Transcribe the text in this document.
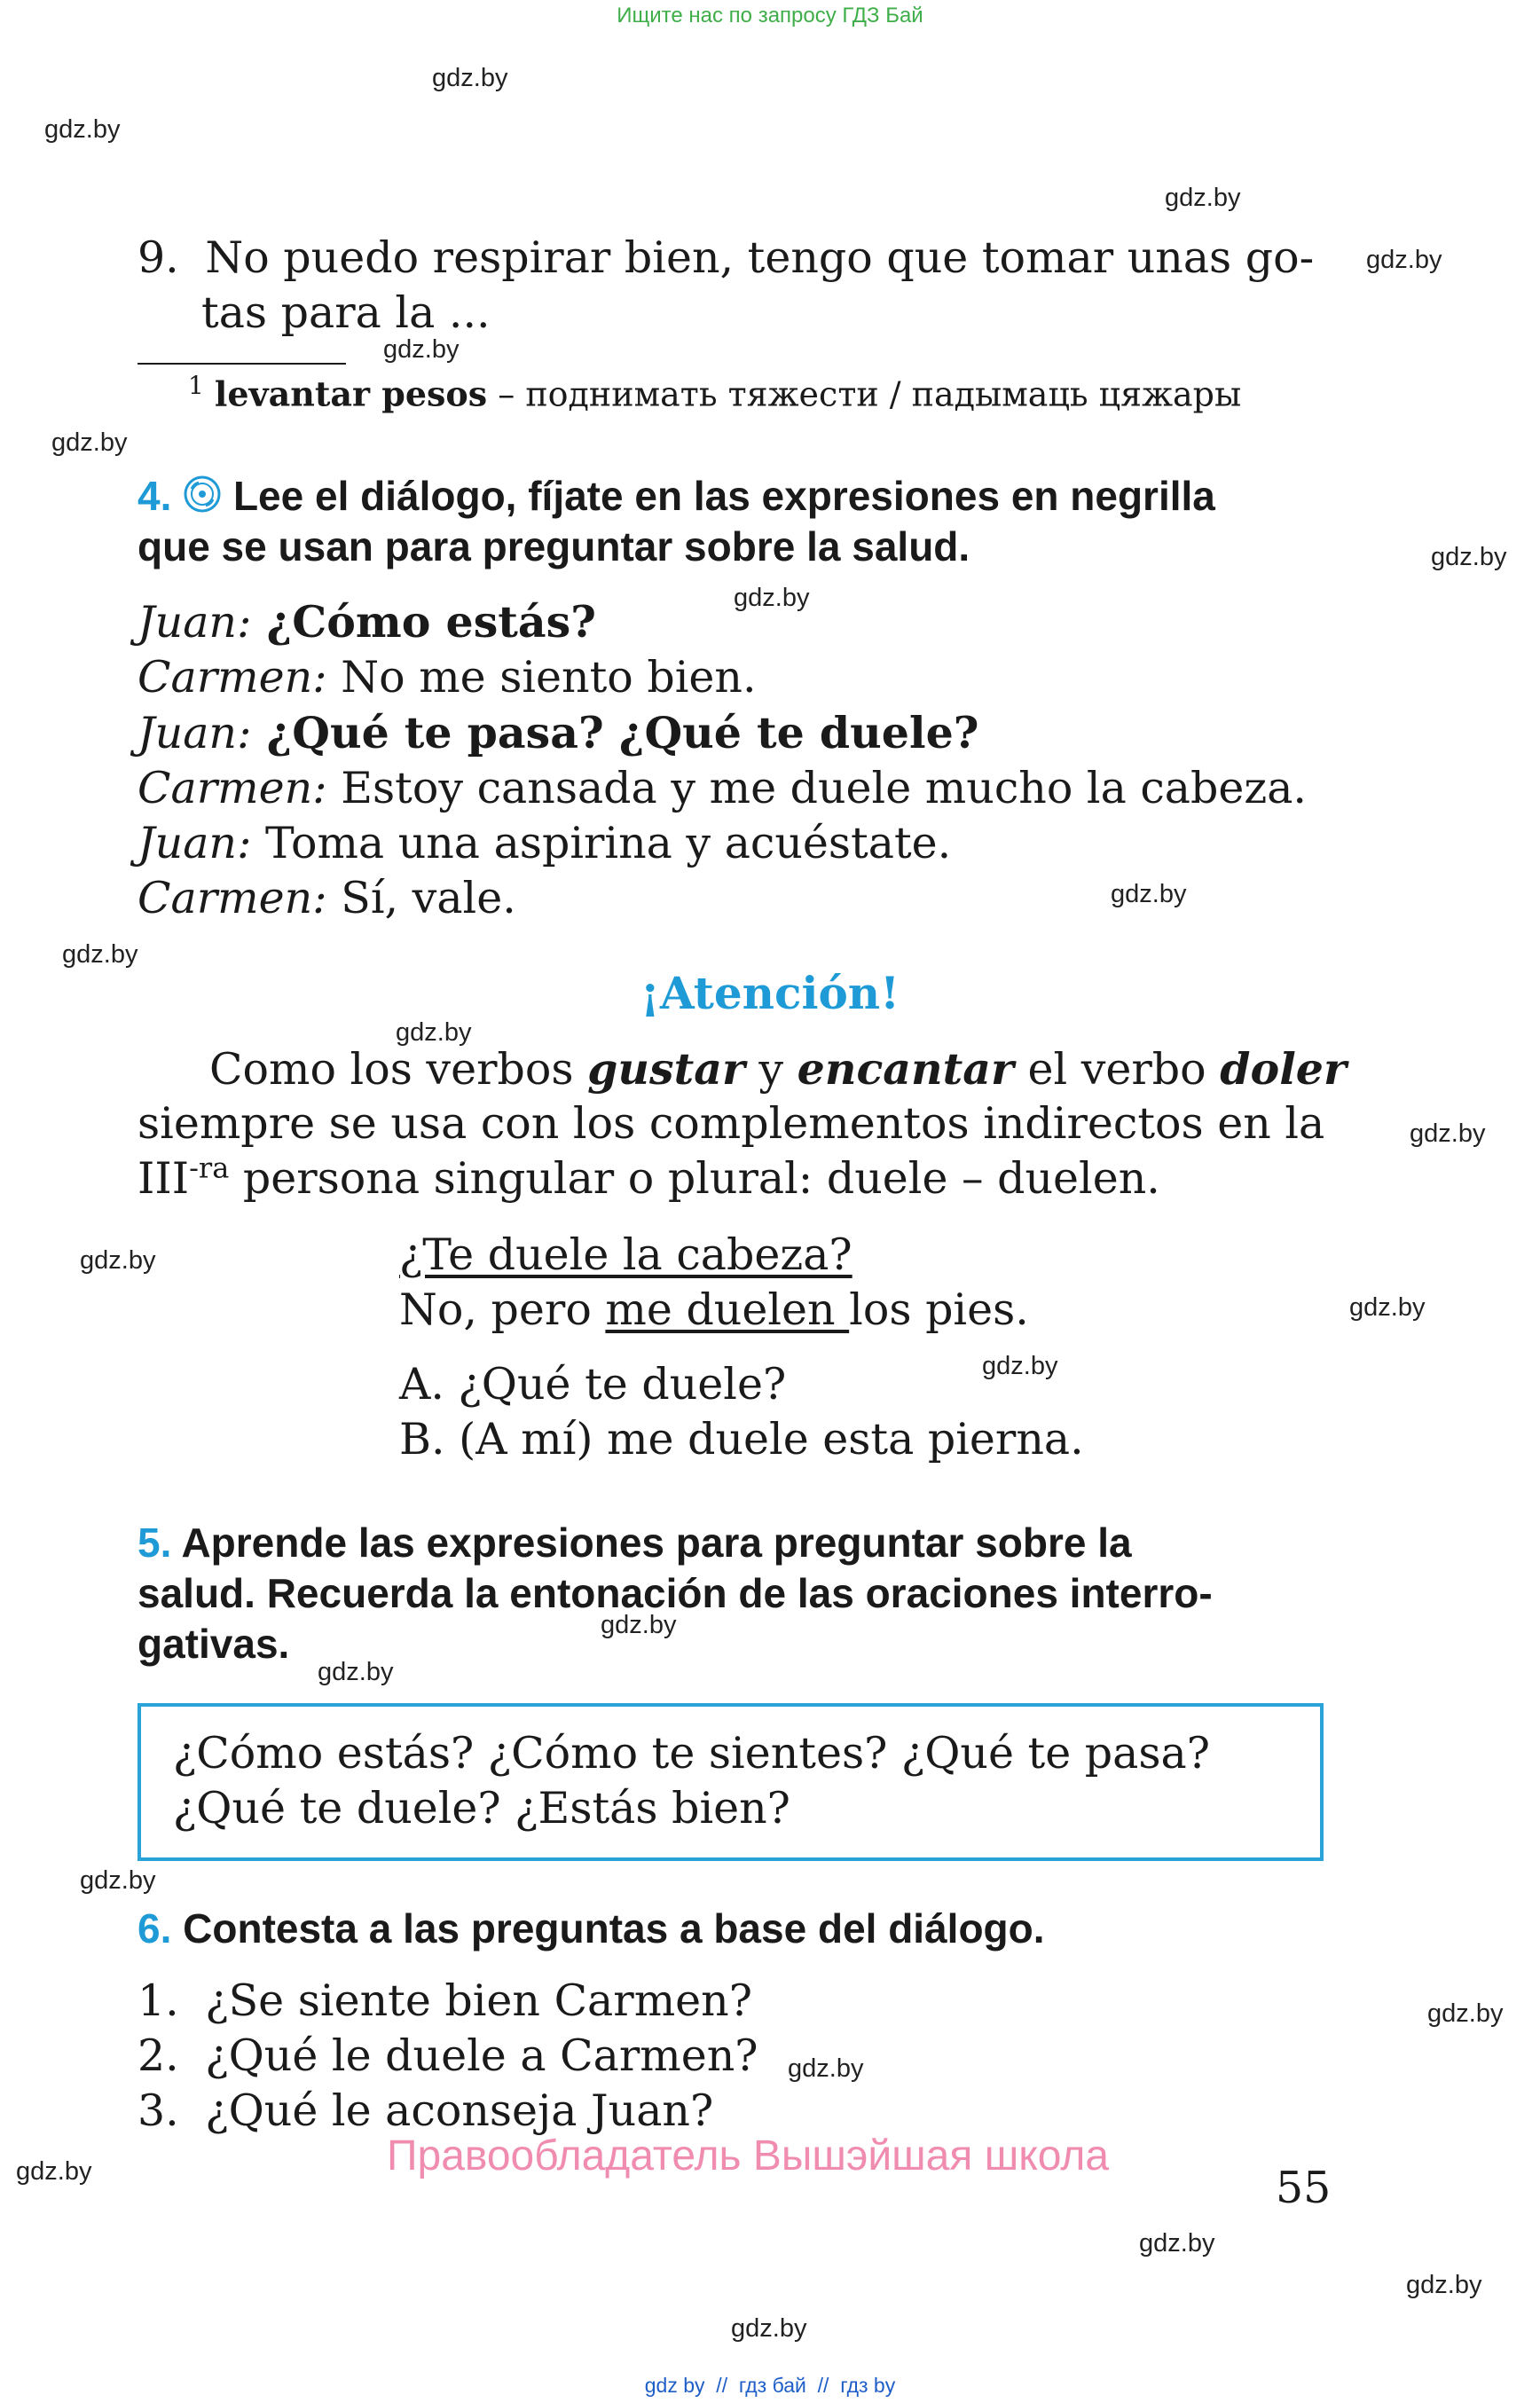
Ищите нас по запросу ГДЗ Бай
gdz.by
gdz.by
gdz.by
gdz.by
gdz.by
gdz.by
gdz.by
gdz.by
gdz.by
gdz.by
gdz.by
gdz.by
gdz.by
gdz.by
gdz.by
gdz.by
gdz.by
gdz.by
gdz.by
gdz.by
gdz.by
gdz.by
gdz.by
gdz.by
9. No puedo respirar bien, tengo que tomar unas go-
tas para la ...
$^1$ levantar pesos – поднимать тяжести / падымаць цяжары
4. Lee el diálogo, fíjate en las expresiones en negrilla
que se usan para preguntar sobre la salud.
Juan: ¿Cómo estás?
Carmen: No me siento bien.
Juan: ¿Qué te pasa? ¿Qué te duele?
Carmen: Estoy cansada y me duele mucho la cabeza.
Juan: Toma una aspirina y acuéstate.
Carmen: Sí, vale.
¡Atención!
Como los verbos gustar y encantar el verbo doler
siempre se usa con los complementos indirectos en la
$III^{-ra}$ persona singular o plural: duele – duelen.
¿Te duele la cabeza?
No, pero me duelen los pies.
A. ¿Qué te duele?
B. (A mí) me duele esta pierna.
5. Aprende las expresiones para preguntar sobre la
salud. Recuerda la entonación de las oraciones interro-
gativas.
¿Cómo estás? ¿Cómo te sientes? ¿Qué te pasa?
¿Qué te duele? ¿Estás bien?
6. Contesta a las preguntas a base del diálogo.
1. ¿Se siente bien Carmen?
2. ¿Qué le duele a Carmen?
3. ¿Qué le aconseja Juan?
Правообладатель Вышэйшая школа
55
gdz by  //  гдз бай  //  гдз by
